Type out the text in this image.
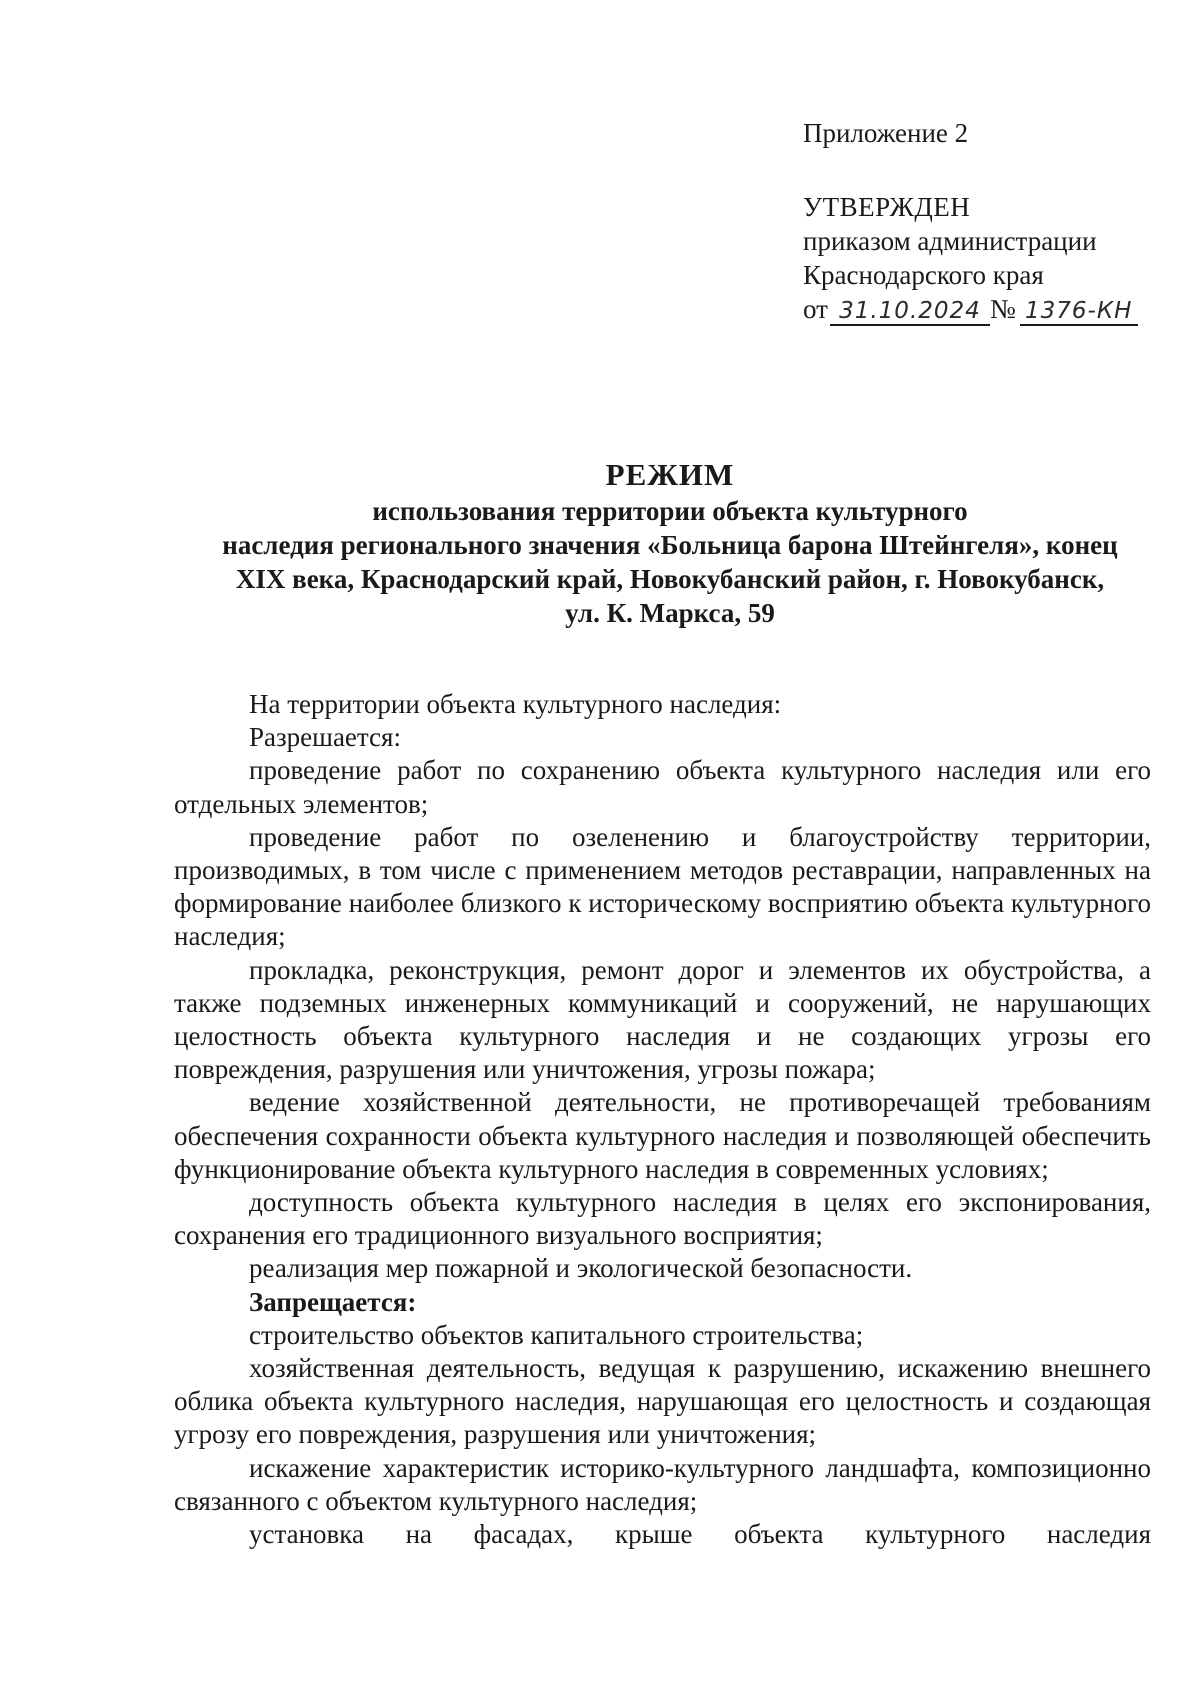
Приложение 2
УТВЕРЖДЕН
приказом администрации
Краснодарского края
от 31.10.2024 № 1376-КН
РЕЖИМ
использования территории объекта культурного
наследия регионального значения «Больница барона Штейнгеля», конец
XIX века, Краснодарский край, Новокубанский район, г. Новокубанск,
ул. К. Маркса, 59

На территории объекта культурного наследия:

Разрешается:

проведение работ по сохранению объекта культурного наследия или его отдельных элементов;

проведение работ по озеленению и благоустройству территории, производимых, в том числе с применением методов реставрации, направленных на формирование наиболее близкого к историческому восприятию объекта культурного наследия;

прокладка, реконструкция, ремонт дорог и элементов их обустройства, а также подземных инженерных коммуникаций и сооружений, не нарушающих целостность объекта культурного наследия и не создающих угрозы его повреждения, разрушения или уничтожения, угрозы пожара;

ведение хозяйственной деятельности, не противоречащей требованиям обеспечения сохранности объекта культурного наследия и позволяющей обеспечить функционирование объекта культурного наследия в современных условиях;

доступность объекта культурного наследия в целях его экспонирования, сохранения его традиционного визуального восприятия;

реализация мер пожарной и экологической безопасности.

Запрещается:

строительство объектов капитального строительства;

хозяйственная деятельность, ведущая к разрушению, искажению внешнего облика объекта культурного наследия, нарушающая его целостность и создающая угрозу его повреждения, разрушения или уничтожения;

искажение характеристик историко-культурного ландшафта, композиционно связанного с объектом культурного наследия;

установка на фасадах, крыше объекта культурного наследия
